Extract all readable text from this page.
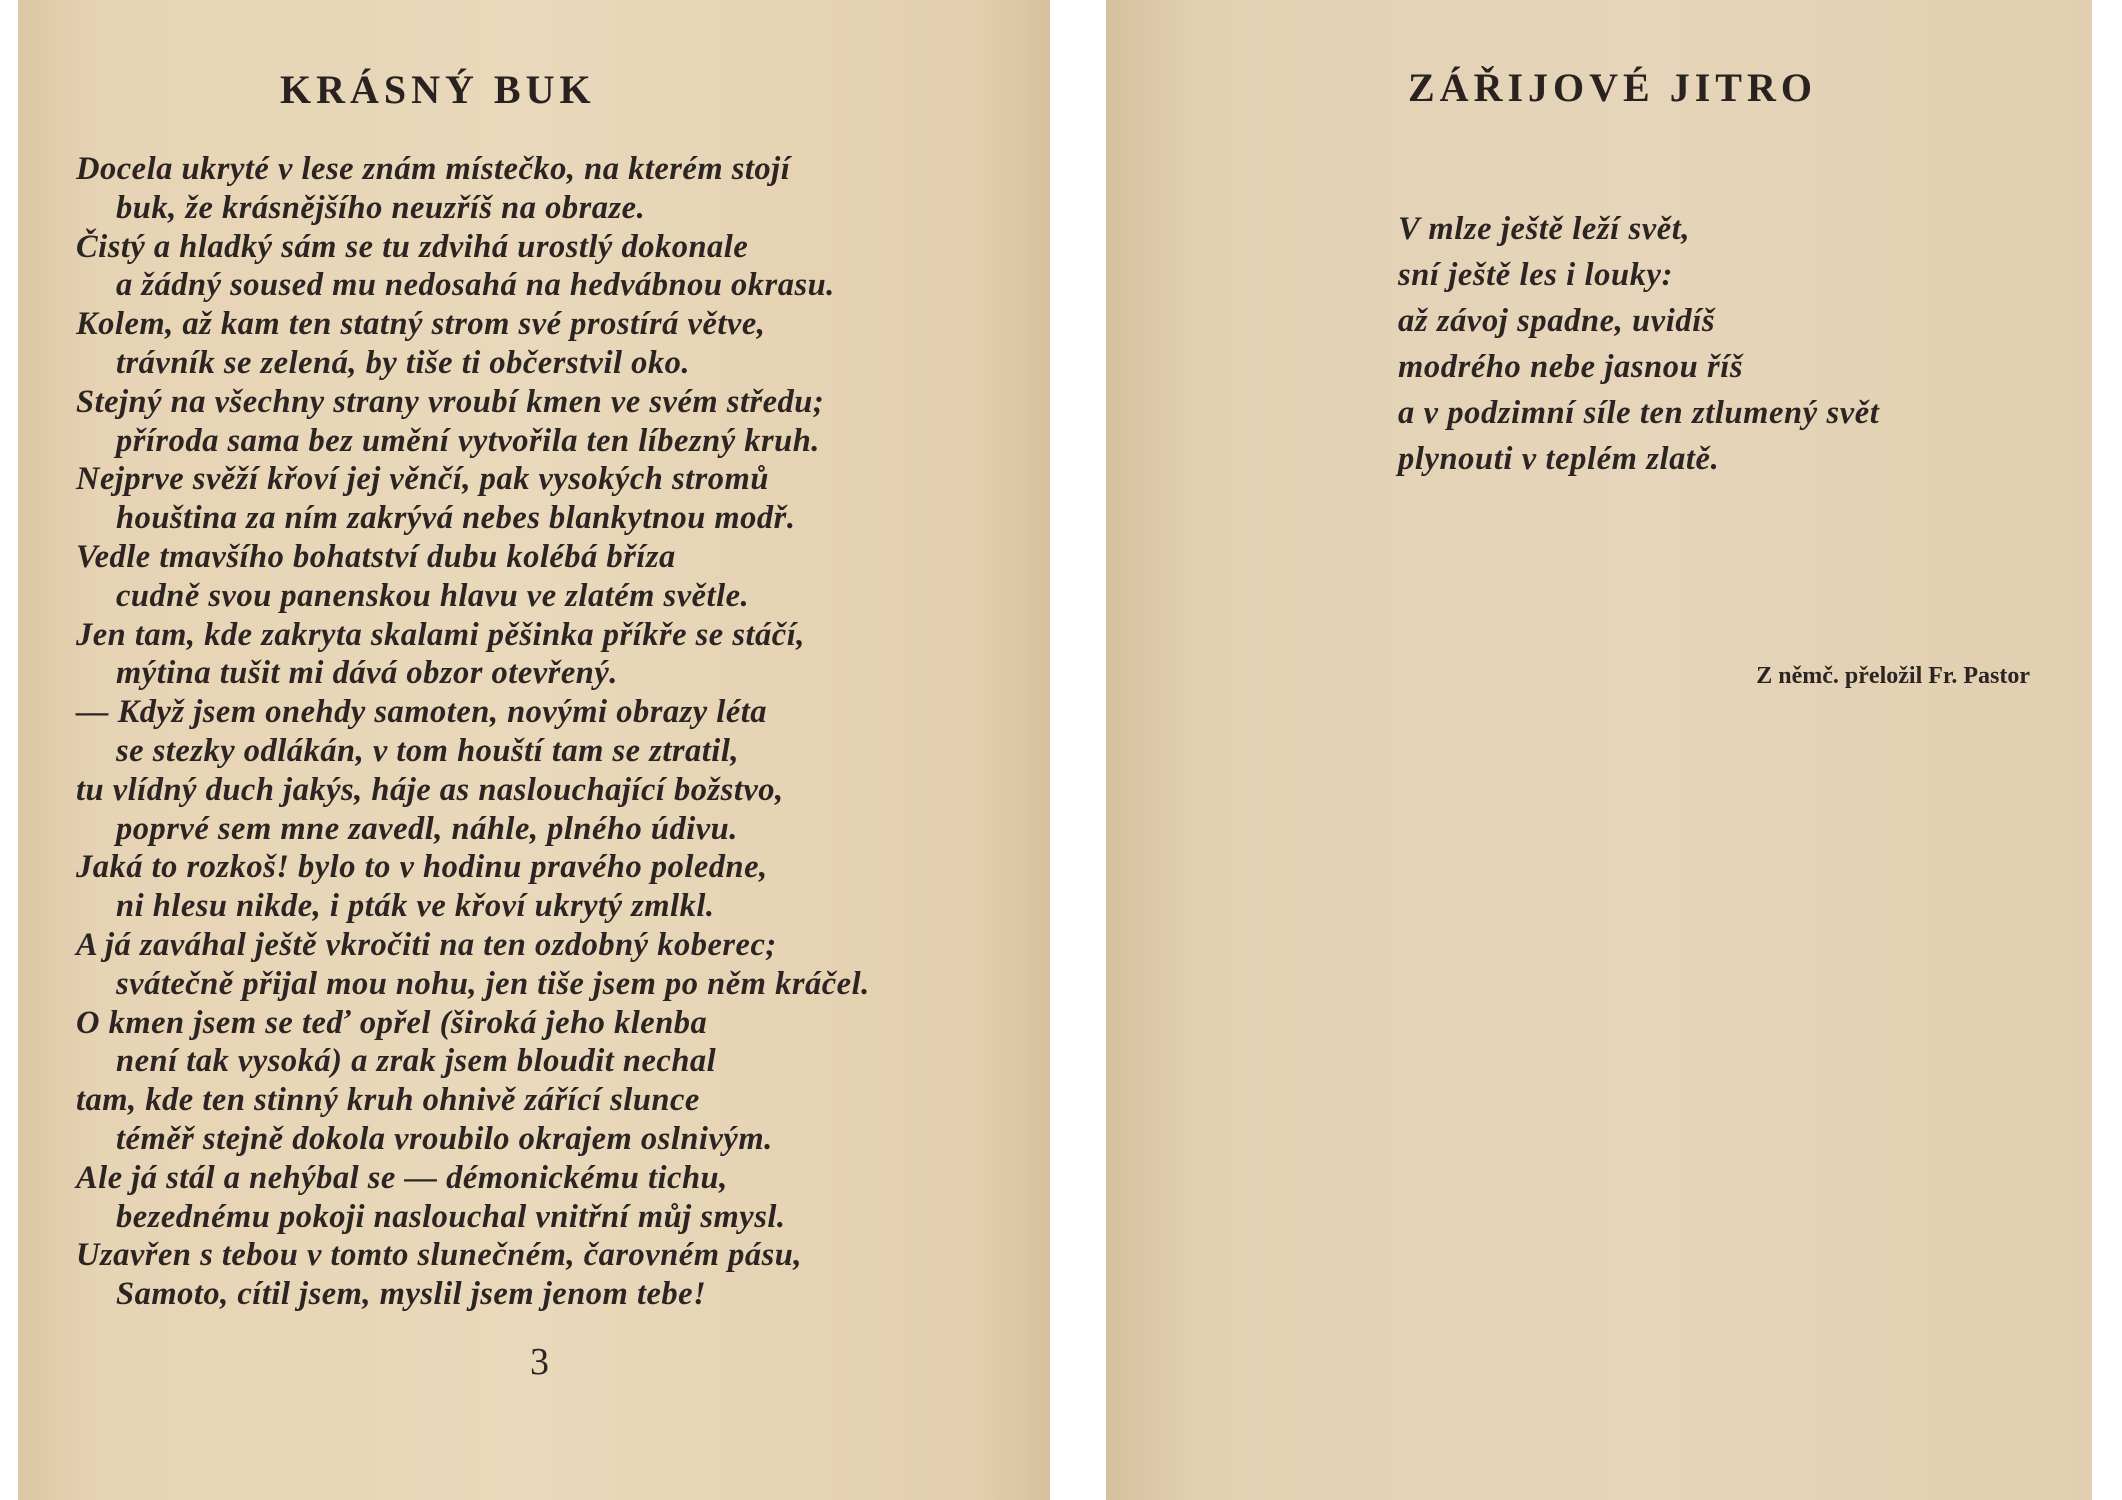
KRÁSNÝ BUK
Docela ukryté v lese znám místečko, na kterém stojí
buk, že krásnějšího neuzříš na obraze.
Čistý a hladký sám se tu zdvihá urostlý dokonale
a žádný soused mu nedosahá na hedvábnou okrasu.
Kolem, až kam ten statný strom své prostírá větve,
trávník se zelená, by tiše ti občerstvil oko.
Stejný na všechny strany vroubí kmen ve svém středu;
příroda sama bez umění vytvořila ten líbezný kruh.
Nejprve svěží křoví jej věnčí, pak vysokých stromů
houština za ním zakrývá nebes blankytnou modř.
Vedle tmavšího bohatství dubu kolébá bříza
cudně svou panenskou hlavu ve zlatém světle.
Jen tam, kde zakryta skalami pěšinka příkře se stáčí,
mýtina tušit mi dává obzor otevřený.
— Když jsem onehdy samoten, novými obrazy léta
se stezky odlákán, v tom houští tam se ztratil,
tu vlídný duch jakýs, háje as naslouchající božstvo,
poprvé sem mne zavedl, náhle, plného údivu.
Jaká to rozkoš! bylo to v hodinu pravého poledne,
ni hlesu nikde, i pták ve křoví ukrytý zmlkl.
A já zaváhal ještě vkročiti na ten ozdobný koberec;
svátečně přijal mou nohu, jen tiše jsem po něm kráčel.
O kmen jsem se teď opřel (široká jeho klenba
není tak vysoká) a zrak jsem bloudit nechal
tam, kde ten stinný kruh ohnivě zářící slunce
téměř stejně dokola vroubilo okrajem oslnivým.
Ale já stál a nehýbal se — démonickému tichu,
bezednému pokoji naslouchal vnitřní můj smysl.
Uzavřen s tebou v tomto slunečném, čarovném pásu,
Samoto, cítil jsem, myslil jsem jenom tebe!
3
ZÁŘIJOVÉ JITRO
V mlze ještě leží svět,
sní ještě les i louky:
až závoj spadne, uvidíš
modrého nebe jasnou říš
a v podzimní síle ten ztlumený svět
plynouti v teplém zlatě.
Z němč. přeložil Fr. Pastor
